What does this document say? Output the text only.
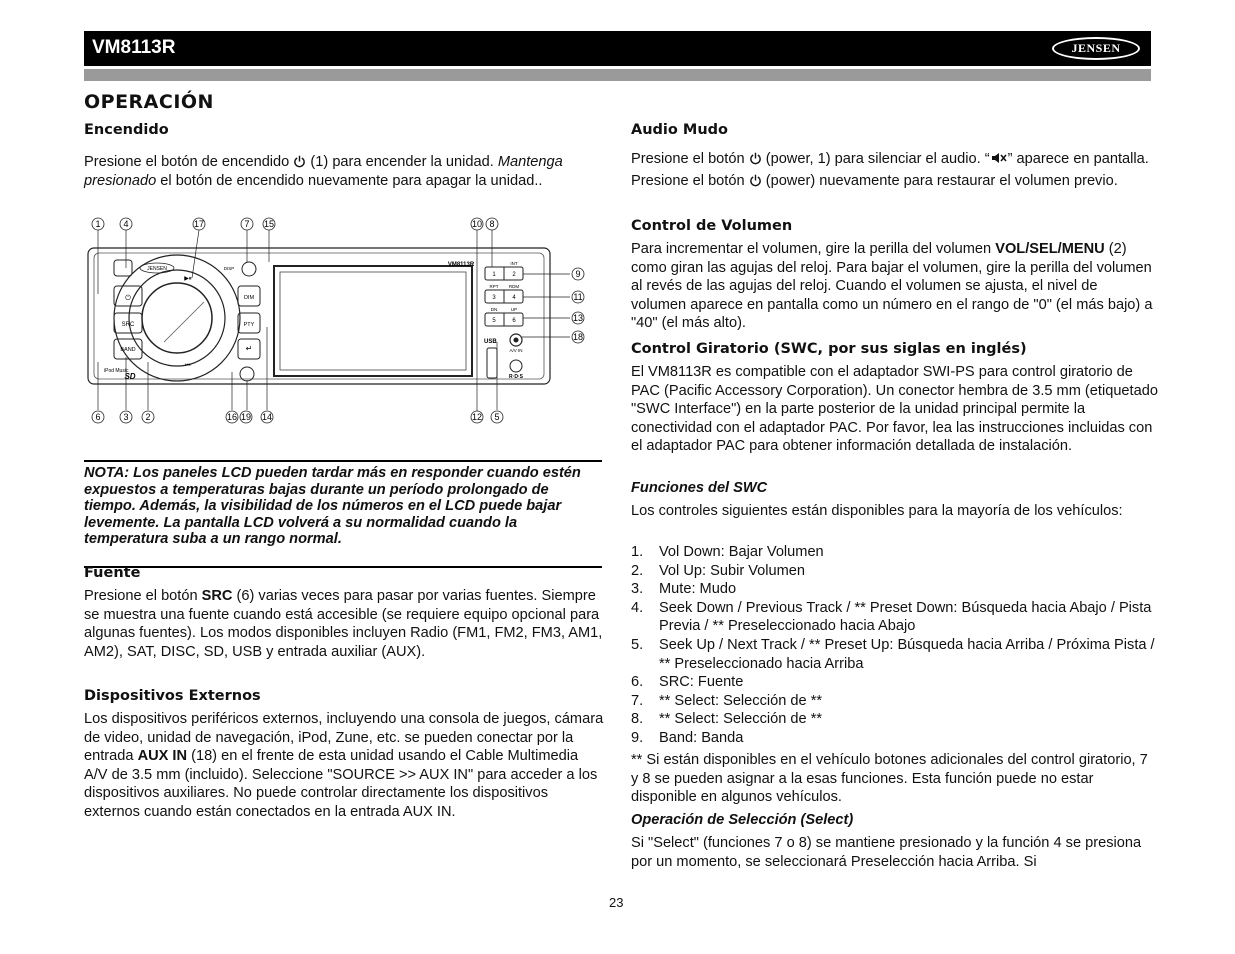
VM8113R	JENSEN
OPERACIÓN
Encendido
Presione el botón de encendido (1) para encender la unidad. Mantenga presionado el botón de encendido nuevamente para apagar la unidad..
⏻
SRC
BAND
JENSEN
DIM
PTY
↵
DISP
▶⏸
⏮
iPod Music
SD
VM8113R
1	2
3	4
5	6
INT
RPT RDM
DN	UP
A/V IN
USB
R·D·S
1	4	17	7 15	10 8
6	3 2	16 19 14	12 5
9
11
13
18
NOTA: Los paneles LCD pueden tardar más en responder cuando estén expuestos a temperaturas bajas durante un período prolongado de tiempo. Además, la visibilidad de los números en el LCD puede bajar levemente. La pantalla LCD volverá a su normalidad cuando la temperatura suba a un rango normal.
Fuente
Presione el botón SRC (6) varias veces para pasar por varias fuentes. Siempre se muestra una fuente cuando está accesible (se requiere equipo opcional para algunas fuentes). Los modos disponibles incluyen Radio (FM1, FM2, FM3, AM1, AM2), SAT, DISC, SD, USB y entrada auxiliar (AUX).
Dispositivos Externos
Los dispositivos periféricos externos, incluyendo una consola de juegos, cámara de video, unidad de navegación, iPod, Zune, etc. se pueden conectar por la entrada AUX IN (18) en el frente de esta unidad usando el Cable Multimedia A/V de 3.5 mm (incluido). Seleccione "SOURCE >> AUX IN" para acceder a los dispositivos auxiliares. No puede controlar directamente los dispositivos externos cuando están conectados en la entrada AUX IN.
Audio Mudo
Presione el botón (power, 1) para silenciar el audio. “ ” aparece en pantalla. Presione el botón (power) nuevamente para restaurar el volumen previo.
Control de Volumen
Para incrementar el volumen, gire la perilla del volumen VOL/SEL/MENU (2) como giran las agujas del reloj. Para bajar el volumen, gire la perilla del volumen al revés de las agujas del reloj. Cuando el volumen se ajusta, el nivel de volumen aparece en pantalla como un número en el rango de "0" (el más bajo) a "40" (el más alto).
Control Giratorio (SWC, por sus siglas en inglés)
El VM8113R es compatible con el adaptador SWI-PS para control giratorio de PAC (Pacific Accessory Corporation). Un conector hembra de 3.5 mm (etiquetado "SWC Interface") en la parte posterior de la unidad principal permite la conectividad con el adaptador PAC. Por favor, lea las instrucciones incluidas con el adaptador PAC para obtener información detallada de instalación.
Funciones del SWC
Los controles siguientes están disponibles para la mayoría de los vehículos:
1. Vol Down: Bajar Volumen
2. Vol Up: Subir Volumen
3. Mute: Mudo
4. Seek Down / Previous Track / ** Preset Down: Búsqueda hacia Abajo / Pista Previa / ** Preseleccionado hacia Abajo
5. Seek Up / Next Track / ** Preset Up: Búsqueda hacia Arriba / Próxima Pista / ** Preseleccionado hacia Arriba
6. SRC: Fuente
7. ** Select: Selección de **
8. ** Select: Selección de **
9. Band: Banda
** Si están disponibles en el vehículo botones adicionales del control giratorio, 7 y 8 se pueden asignar a la esas funciones. Esta función puede no estar disponible en algunos vehículos.
Operación de Selección (Select)
Si "Select" (funciones 7 o 8) se mantiene presionado y la función 4 se presiona por un momento, se seleccionará Preselección hacia Arriba. Si
23
